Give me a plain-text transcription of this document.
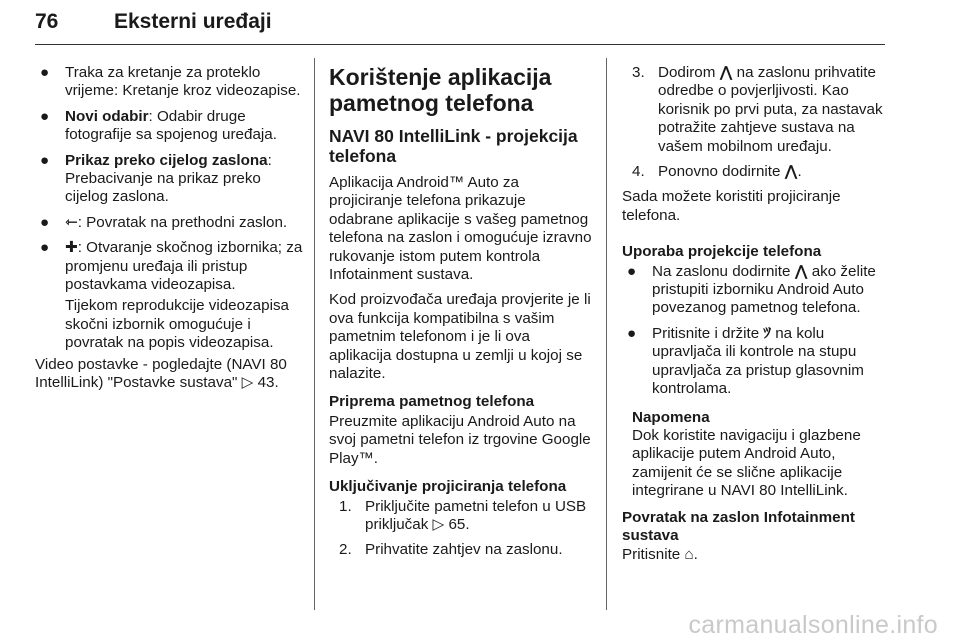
76	Eksterni uređaji
● Traka za kretanje za proteklo vrijeme: Kretanje kroz videozapise.
● Novi odabir: Odabir druge fotografije sa spojenog uređaja.
● Prikaz preko cijelog zaslona: Prebacivanje na prikaz preko cijelog zaslona.
● ⇽: Povratak na prethodni zaslon.
● ✚: Otvaranje skočnog izbornika; za promjenu uređaja ili pristup postavkama videozapisa.
Tijekom reprodukcije videozapisa skočni izbornik omogućuje i povratak na popis videozapisa.

Video postavke - pogledajte (NAVI 80 IntelliLink) "Postavke sustava" ▷ 43.

Korištenje aplikacija pametnog telefona
NAVI 80 IntelliLink - projekcija telefona

Aplikacija Android™ Auto za projiciranje telefona prikazuje odabrane aplikacije s vašeg pametnog telefona na zaslon i omogućuje izravno rukovanje istom putem kontrola Infotainment sustava.

Kod proizvođača uređaja provjerite je li ova funkcija kompatibilna s vašim pametnim telefonom i je li ova aplikacija dostupna u zemlji u kojoj se nalazite.

Priprema pametnog telefona

Preuzmite aplikaciju Android Auto na svoj pametni telefon iz trgovine Google Play™.

Uključivanje projiciranja telefona
1. Priključite pametni telefon u USB priključak ▷ 65.
2. Prihvatite zahtjev na zaslonu.
3. Dodirom ⋀ na zaslonu prihvatite odredbe o povjerljivosti. Kao korisnik po prvi puta, za nastavak potražite zahtjeve sustava na vašem mobilnom uređaju.
4. Ponovno dodirnite ⋀.

Sada možete koristiti projiciranje telefona.

Uporaba projekcije telefona
● Na zaslonu dodirnite ⋀ ako želite pristupiti izborniku Android Auto povezanog pametnog telefona.
● Pritisnite i držite ﾂ na kolu upravljača ili kontrole na stupu upravljača za pristup glasovnim kontrolama.
Napomena
Dok koristite navigaciju i glazbene aplikacije putem Android Auto, zamijenit će se slične aplikacije integrirane u NAVI 80 IntelliLink.
Povratak na zaslon Infotainment sustava

Pritisnite ⌂.

carmanualsonline.info
